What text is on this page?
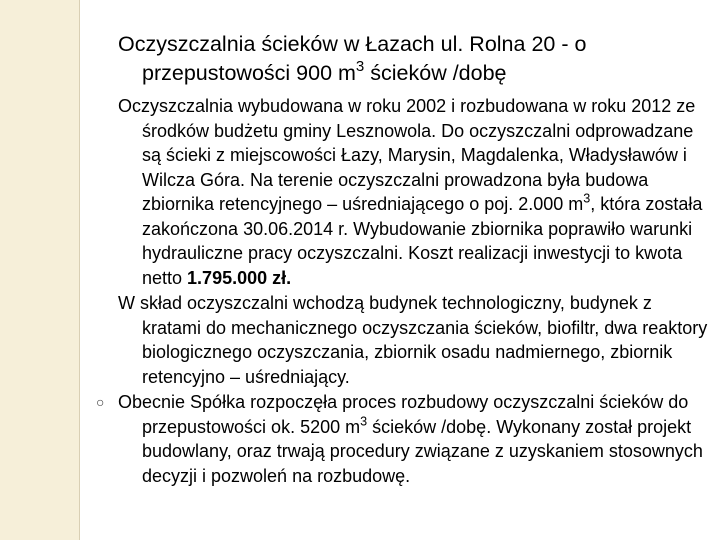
Oczyszczalnia ścieków w Łazach ul. Rolna 20 - o przepustowości 900 $m^3$ ścieków /dobę

Oczyszczalnia wybudowana w roku 2002 i rozbudowana w roku 2012 ze środków budżetu gminy Lesznowola. Do oczyszczalni odprowadzane są ścieki z miejscowości Łazy, Marysin, Magdalenka, Władysławów i Wilcza Góra. Na terenie oczyszczalni prowadzona była budowa zbiornika retencyjnego – uśredniającego o poj. 2.000 $m^3$, która została zakończona 30.06.2014 r. Wybudowanie zbiornika poprawiło warunki hydrauliczne pracy oczyszczalni. Koszt realizacji inwestycji to kwota netto 1.795.000 zł.

W skład oczyszczalni wchodzą budynek technologiczny, budynek z kratami do mechanicznego oczyszczania ścieków, biofiltr, dwa reaktory biologicznego oczyszczania, zbiornik osadu nadmiernego, zbiornik retencyjno – uśredniający.

○ Obecnie Spółka rozpoczęła proces rozbudowy oczyszczalni ścieków do przepustowości ok. 5200 $m^3$ ścieków /dobę. Wykonany został projekt budowlany, oraz trwają procedury związane z uzyskaniem stosownych decyzji i pozwoleń na rozbudowę.
